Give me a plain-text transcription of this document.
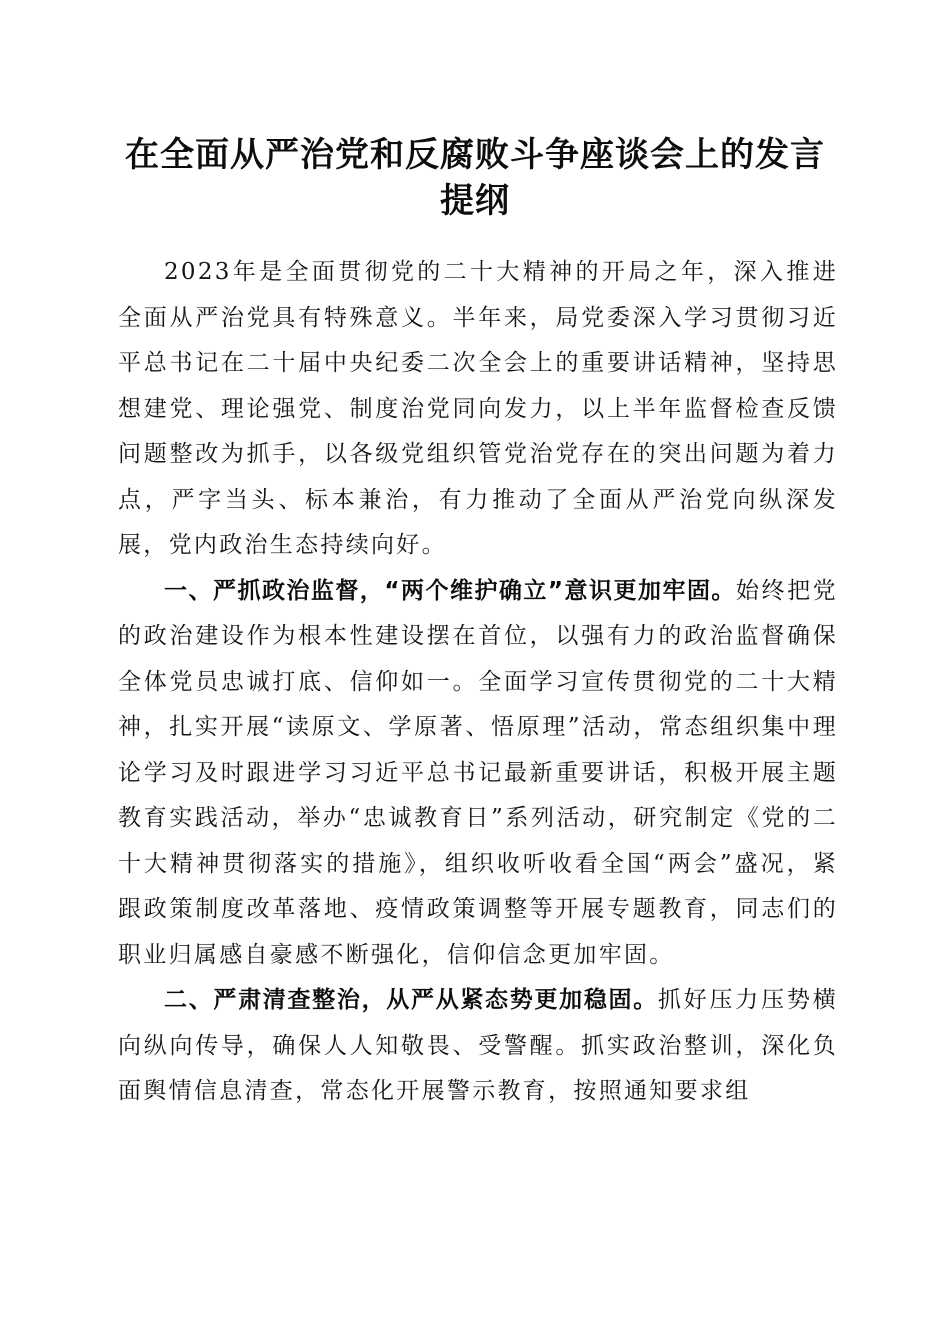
在全面从严治党和反腐败斗争座谈会上的发言
提纲

2023年是全面贯彻党的二十大精神的开局之年，深入推进全面从严治党具有特殊意义。半年来，局党委深入学习贯彻习近平总书记在二十届中央纪委二次全会上的重要讲话精神，坚持思想建党、理论强党、制度治党同向发力，以上半年监督检查反馈问题整改为抓手，以各级党组织管党治党存在的突出问题为着力点，严字当头、标本兼治，有力推动了全面从严治党向纵深发展，党内政治生态持续向好。

一、严抓政治监督，“两个维护确立”意识更加牢固。始终把党的政治建设作为根本性建设摆在首位，以强有力的政治监督确保全体党员忠诚打底、信仰如一。全面学习宣传贯彻党的二十大精神，扎实开展“读原文、学原著、悟原理”活动，常态组织集中理论学习及时跟进学习习近平总书记最新重要讲话，积极开展主题教育实践活动，举办“忠诚教育日”系列活动，研究制定《党的二十大精神贯彻落实的措施》，组织收听收看全国“两会”盛况，紧跟政策制度改革落地、疫情政策调整等开展专题教育，同志们的职业归属感自豪感不断强化，信仰信念更加牢固。

二、严肃清查整治，从严从紧态势更加稳固。抓好压力压势横向纵向传导，确保人人知敬畏、受警醒。抓实政治整训，深化负面舆情信息清查，常态化开展警示教育，按照通知要求组
